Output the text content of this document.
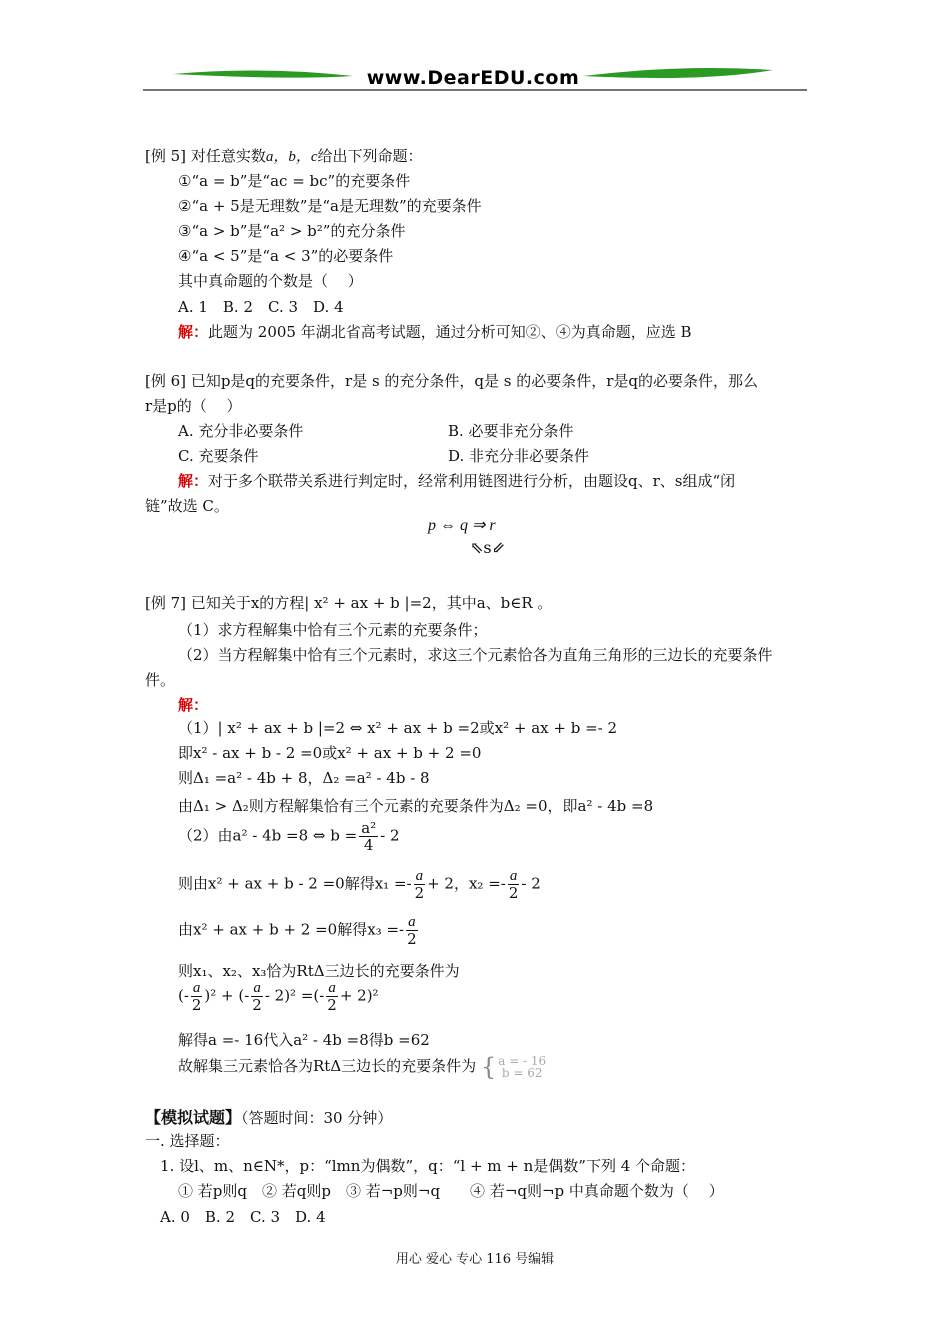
www.DearEDU.com
[例 5] 对任意实数a，b，c给出下列命题：
①“a = b”是“ac = bc”的充要条件
②“a + 5是无理数”是“a是无理数”的充要条件
③“a > b”是“a² > b²”的充分条件
④“a < 5”是“a < 3”的必要条件
其中真命题的个数是（　 ）
A. 1　B. 2　C. 3　D. 4
解：此题为 2005 年湖北省高考试题，通过分析可知②、④为真命题，应选 B
[例 6] 已知p是q的充要条件，r是 s 的充分条件，q是 s 的必要条件，r是q的必要条件，那么
r是p的（　 ）
A. 充分非必要条件	B. 必要非充分条件
C. 充要条件	D. 非充分非必要条件
解：对于多个联带关系进行判定时，经常利用链图进行分析，由题设q、r、s组成“闭
链”故选 C。
p ⇔ q ⇒ r
⇖s⇙
[例 7] 已知关于x的方程| x² + ax + b |=2，其中a、b∈R 。
（1）求方程解集中恰有三个元素的充要条件；
（2）当方程解集中恰有三个元素时，求这三个元素恰各为直角三角形的三边长的充要条件
件。
解：
（1）| x² + ax + b |=2 ⇔ x² + ax + b =2或x² + ax + b =- 2
即x² - ax + b - 2 =0或x² + ax + b + 2 =0
则Δ₁ =a² - 4b + 8，Δ₂ =a² - 4b - 8
由Δ₁ > Δ₂则方程解集恰有三个元素的充要条件为Δ₂ =0，即a² - 4b =8
（2）由a² - 4b =8 ⇔ $b = \frac{\text{a²}}{4} - 2$
则由x² + ax + b - 2 =0解得$x_1 =- \frac{a}{2} + 2$，$x_2 =- \frac{a}{2} - 2$
由x² + ax + b + 2 =0解得$x_3 =- \frac{a}{2}$
则x₁、x₂、x₃恰为RtΔ三边长的充要条件为
(- $\frac{a}{2} )^2$ + (- $\frac{a}{2} - 2)^2$ =(- $\frac{a}{2} + 2)^2$
解得a =- 16代入a² - 4b =8得b =62
故解集三元素恰各为RtΔ三边长的充要条件为 { a = - 16
b = 62
【模拟试题】（答题时间：30 分钟）
一. 选择题：
1. 设l、m、n∈N*，p：“lmn为偶数”，q：“l + m + n是偶数”下列 4 个命题：
① 若p则q　② 若q则p　③ 若¬p则¬q　　④ 若¬q则¬p 中真命题个数为（　 ）
A. 0　B. 2　C. 3　D. 4
用心 爱心 专心 116 号编辑
